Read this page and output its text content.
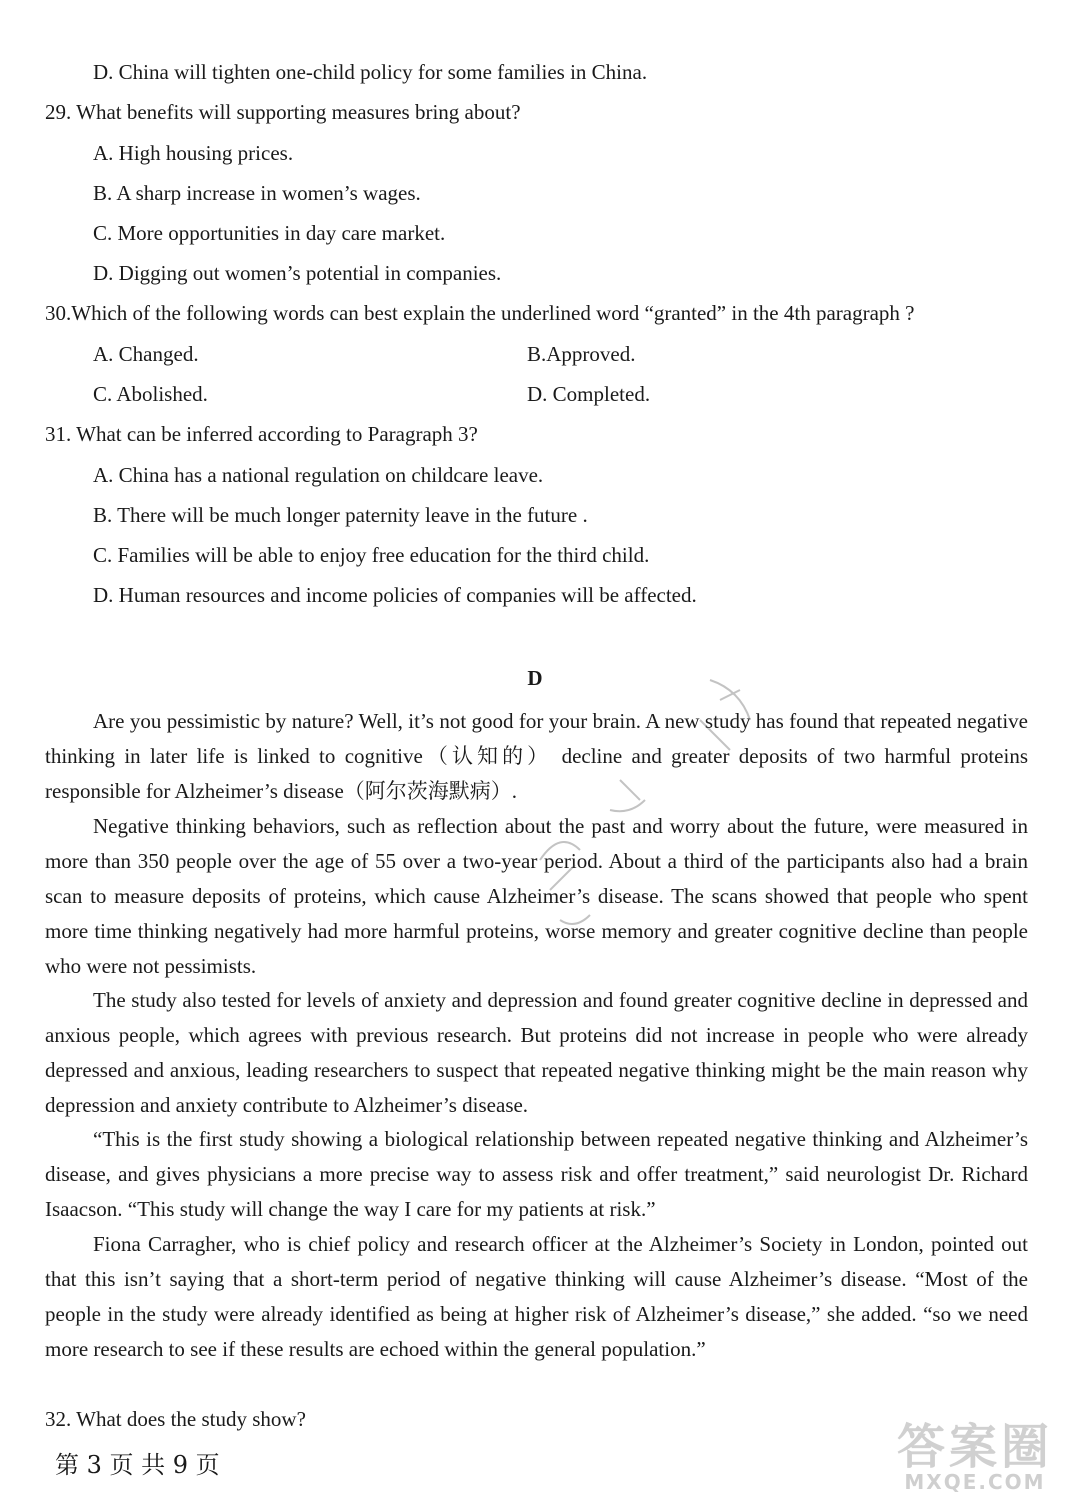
D. China will tighten one-child policy for some families in China.
29. What benefits will supporting measures bring about?
A. High housing prices.
B. A sharp increase in women’s wages.
C. More opportunities in day care market.
D. Digging out women’s potential in companies.
30.Which of the following words can best explain the underlined word “granted” in the 4th paragraph ?
A. Changed.	B.Approved.
C. Abolished.	D. Completed.
31. What can be inferred according to Paragraph 3?
A. China has a national regulation on childcare leave.
B. There will be much longer paternity leave in the future .
C. Families will be able to enjoy free education for the third child.
D. Human resources and income policies of companies will be affected.
D
Are you pessimistic by nature? Well, it’s not good for your brain. A new study has found that repeated negative thinking in later life is linked to cognitive（认知的） decline and greater deposits of two harmful proteins responsible for Alzheimer’s disease（阿尔茨海默病）.
Negative thinking behaviors, such as reflection about the past and worry about the future, were measured in more than 350 people over the age of 55 over a two-year period. About a third of the participants also had a brain scan to measure deposits of proteins, which cause Alzheimer’s disease. The scans showed that people who spent more time thinking negatively had more harmful proteins, worse memory and greater cognitive decline than people who were not pessimists.
The study also tested for levels of anxiety and depression and found greater cognitive decline in depressed and anxious people, which agrees with previous research. But proteins did not increase in people who were already depressed and anxious, leading researchers to suspect that repeated negative thinking might be the main reason why depression and anxiety contribute to Alzheimer’s disease.
“This is the first study showing a biological relationship between repeated negative thinking and Alzheimer’s disease, and gives physicians a more precise way to assess risk and offer treatment,” said neurologist Dr. Richard Isaacson. “This study will change the way I care for my patients at risk.”
Fiona Carragher, who is chief policy and research officer at the Alzheimer’s Society in London, pointed out that this isn’t saying that a short-term period of negative thinking will cause Alzheimer’s disease. “Most of the people in the study were already identified as being at higher risk of Alzheimer’s disease,” she added. “so we need more research to see if these results are echoed within the general population.”
32. What does the study show?
第 3 页 共 9 页	答案圈
MXQE.COM
